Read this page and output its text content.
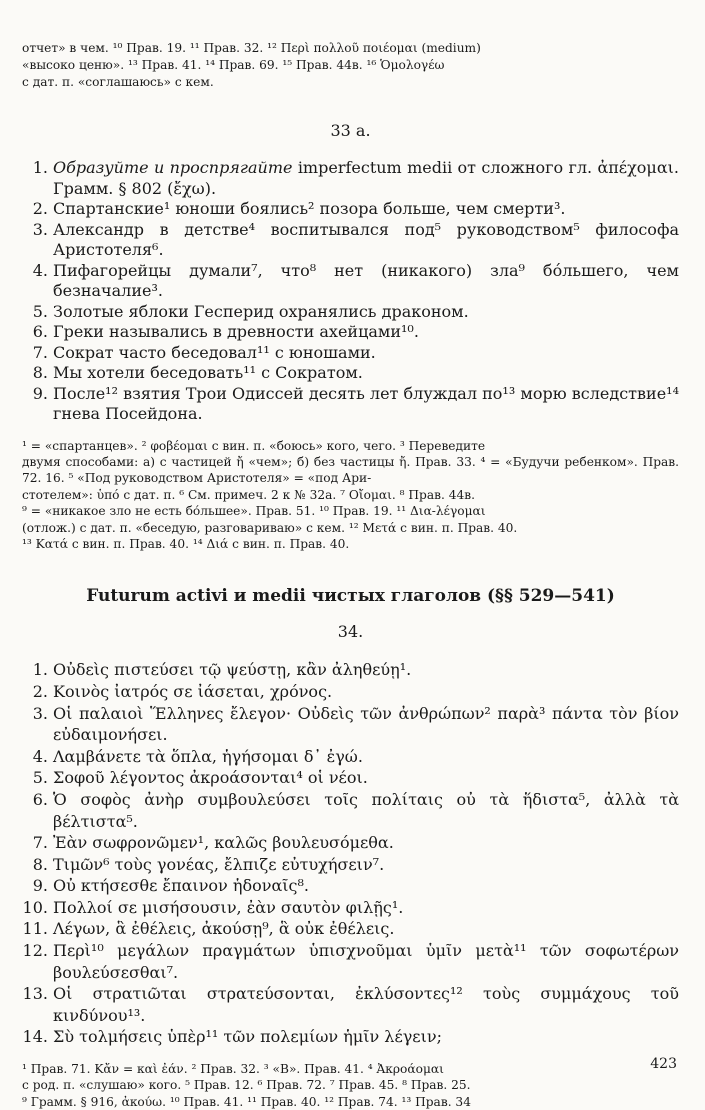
отчет» в чем. ¹⁰ Прав. 19. ¹¹ Прав. 32. ¹² Περὶ πολλοῦ ποιέομαι (medium)
«высоко ценю». ¹³ Прав. 41. ¹⁴ Прав. 69. ¹⁵ Прав. 44в. ¹⁶ Ὁμολογέω
с дат. п. «соглашаюсь» с кем.
33 а.
1. Образуйте и проспрягайте imperfectum medii от сложного гл. ἀπέχομαι. Грамм. § 802 (ἔχω).
2. Спартанские¹ юноши боялись² позора больше, чем смерти³.
3. Александр в детстве⁴ воспитывался под⁵ руководством⁵ философа Аристотеля⁶.
4. Пифагорейцы думали⁷, что⁸ нет (никакого) зла⁹ бо́льшего, чем безначалие³.
5. Золотые яблоки Гесперид охранялись драконом.
6. Греки назывались в древности ахейцами¹⁰.
7. Сократ часто беседовал¹¹ с юношами.
8. Мы хотели беседовать¹¹ с Сократом.
9. После¹² взятия Трои Одиссей десять лет блуждал по¹³ морю вследствие¹⁴ гнева Посейдона.
¹ = «спартанцев». ² φοβέομαι с вин. п. «боюсь» кого, чего. ³ Переведите
двумя способами: а) с частицей ἤ «чем»; б) без частицы ἤ. Прав. 33. ⁴ = «Будучи ребенком». Прав. 72. 16. ⁵ «Под руководством Аристотеля» = «под Ари-
стотелем»: ὑπό с дат. п. ⁶ См. примеч. 2 к № 32а. ⁷ Οἴομαι. ⁸ Прав. 44в.
⁹ = «никакое зло не есть бо́льшее». Прав. 51. ¹⁰ Прав. 19. ¹¹ Δια-λέγομαι
(отлож.) с дат. п. «беседую, разговариваю» с кем. ¹² Μετά с вин. п. Прав. 40.
¹³ Κατά с вин. п. Прав. 40. ¹⁴ Διά с вин. п. Прав. 40.
Futurum activi и medii чистых глаголов (§§ 529—541)
34.
1. Οὐδεὶς πιστεύσει τῷ ψεύστῃ, κἂν ἀληθεύῃ¹.
2. Κοινὸς ἰατρός σε ἰάσεται, χρόνος.
3. Οἱ παλαιοὶ Ἕλληνες ἔλεγον· Οὐδεὶς τῶν ἀνθρώπων² παρὰ³ πάντα τὸν βίον εὐδαιμονήσει.
4. Λαμβάνετε τὰ ὅπλα, ἡγήσομαι δ᾽ ἐγώ.
5. Σοφοῦ λέγοντος ἀκροάσονται⁴ οἱ νέοι.
6. Ὁ σοφὸς ἀνὴρ συμβουλεύσει τοῖς πολίταις οὐ τὰ ἥδιστα⁵, ἀλλὰ τὰ βέλτιστα⁵.
7. Ἐὰν σωφρονῶμεν¹, καλῶς βουλευσόμεθα.
8. Τιμῶν⁶ τοὺς γονέας, ἔλπιζε εὐτυχήσειν⁷.
9. Οὐ κτήσεσθε ἔπαινον ἡδοναῖς⁸.
10. Πολλοί σε μισήσουσιν, ἐὰν σαυτὸν φιλῇς¹.
11. Λέγων, ἃ ἐθέλεις, ἀκούσῃ⁹, ἃ οὐκ ἐθέλεις.
12. Περὶ¹⁰ μεγάλων πραγμάτων ὑπισχνοῦμαι ὑμῖν μετὰ¹¹ τῶν σοφωτέρων βουλεύσεσθαι⁷.
13. Οἱ στρατιῶται στρατεύσονται, ἐκλύσοντες¹² τοὺς συμμάχους τοῦ κινδύνου¹³.
14. Σὺ τολμήσεις ὑπὲρ¹¹ τῶν πολεμίων ἡμῖν λέγειν;
¹ Прав. 71. Κἄν = καὶ ἐάν. ² Прав. 32. ³ «В». Прав. 41. ⁴ Ἀκροάομαι
с род. п. «слушаю» кого. ⁵ Прав. 12. ⁶ Прав. 72. ⁷ Прав. 45. ⁸ Прав. 25.
⁹ Грамм. § 916, ἀκούω. ¹⁰ Прав. 41. ¹¹ Прав. 40. ¹² Прав. 74. ¹³ Прав. 34
423
